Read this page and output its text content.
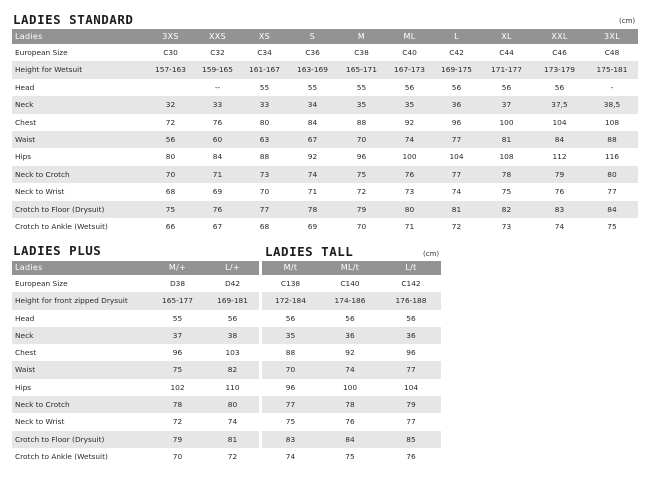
LADIES STANDARD	(cm)
Ladies	3XS	XXS	XS	S	M	ML	L	XL	XXL	3XL
European Size	C30	C32	C34	C36	C38	C40	C42	C44	C46	C48
Height for Wetsuit	157-163	159-165	161-167	163-169	165-171	167-173	169-175	171-177	173-179	175-181
Head		--	55	55	55	56	56	56	56	-
Neck	32	33	33	34	35	35	36	37	37,5	38,5
Chest	72	76	80	84	88	92	96	100	104	108
Waist	56	60	63	67	70	74	77	81	84	88
Hips	80	84	88	92	96	100	104	108	112	116
Neck to Crotch	70	71	73	74	75	76	77	78	79	80
Neck to Wrist	68	69	70	71	72	73	74	75	76	77
Crotch to Floor (Drysuit)	75	76	77	78	79	80	81	82	83	84
Crotch to Ankle (Wetsuit)	66	67	68	69	70	71	72	73	74	75
LADIES PLUS
Ladies	M/+	L/+
European Size	D38	D42
Height for front zipped Drysuit	165-177	169-181
Head	55	56
Neck	37	38
Chest	96	103
Waist	75	82
Hips	102	110
Neck to Crotch	78	80
Neck to Wrist	72	74
Crotch to Floor (Drysuit)	79	81
Crotch to Ankle (Wetsuit)	70	72
LADIES TALL	(cm)
M/t	ML/t	L/t
C138	C140	C142
172-184	174-186	176-188
56	56	56
35	36	36
88	92	96
70	74	77
96	100	104
77	78	79
75	76	77
83	84	85
74	75	76
